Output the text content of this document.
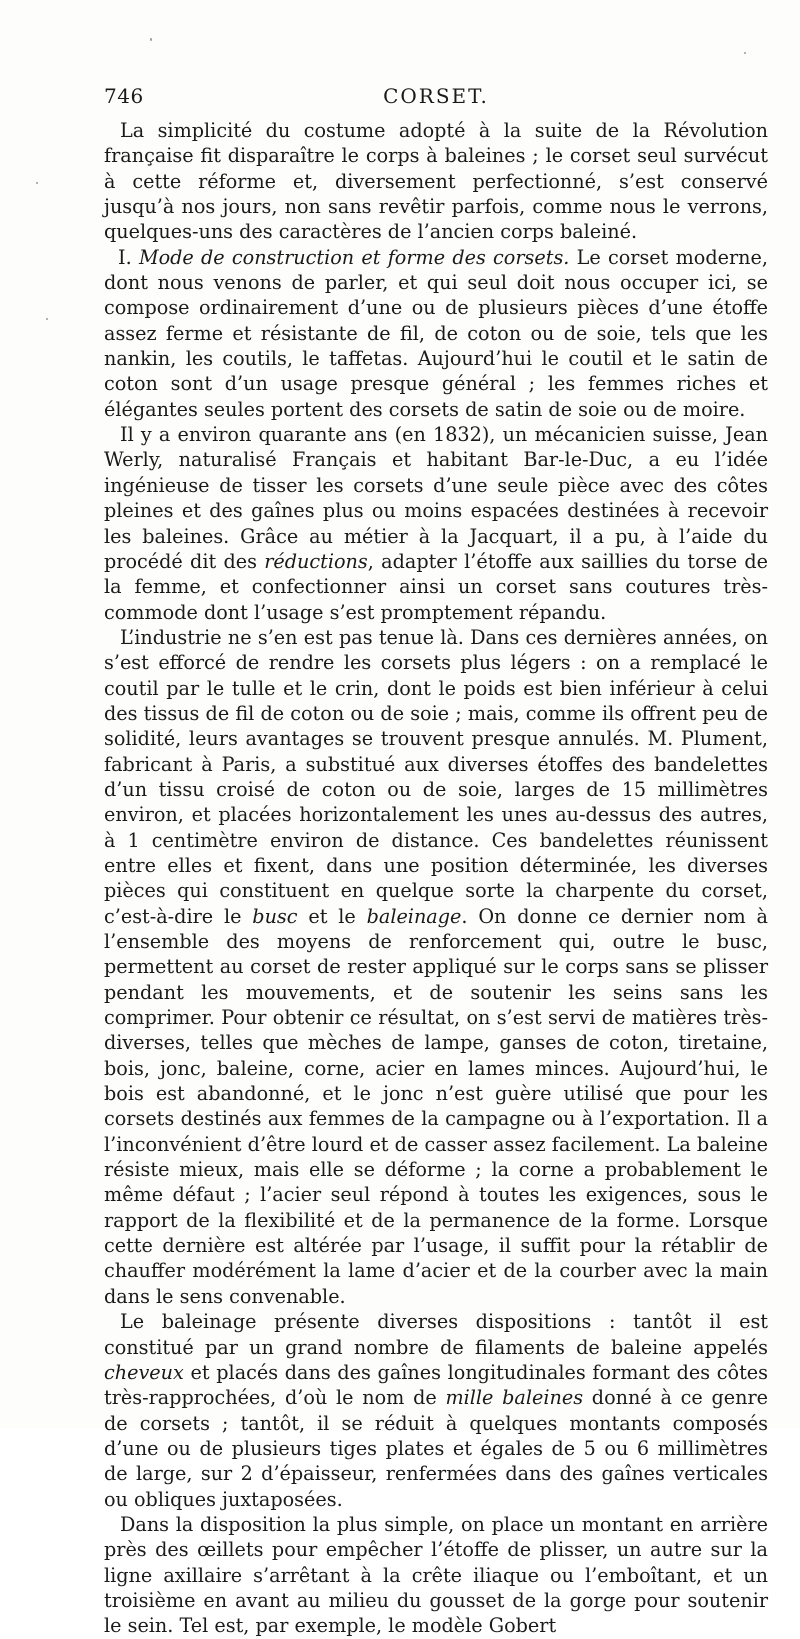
746	CORSET.

La simplicité du costume adopté à la suite de la Révolution française fit disparaître le corps à baleines ; le corset seul survécut à cette réforme et, diversement perfectionné, s’est conservé jusqu’à nos jours, non sans revêtir parfois, comme nous le verrons, quelques-uns des caractères de l’ancien corps baleiné.

I. Mode de construction et forme des corsets. Le corset moderne, dont nous venons de parler, et qui seul doit nous occuper ici, se compose ordinairement d’une ou de plusieurs pièces d’une étoffe assez ferme et résistante de fil, de coton ou de soie, tels que les nankin, les coutils, le taffetas. Aujourd’hui le coutil et le satin de coton sont d’un usage presque général ; les femmes riches et élégantes seules portent des corsets de satin de soie ou de moire.

Il y a environ quarante ans (en 1832), un mécanicien suisse, Jean Werly, naturalisé Français et habitant Bar-le-Duc, a eu l’idée ingénieuse de tisser les corsets d’une seule pièce avec des côtes pleines et des gaînes plus ou moins espacées destinées à recevoir les baleines. Grâce au métier à la Jacquart, il a pu, à l’aide du procédé dit des réductions, adapter l’étoffe aux saillies du torse de la femme, et confectionner ainsi un corset sans coutures très-commode dont l’usage s’est promptement répandu.

L’industrie ne s’en est pas tenue là. Dans ces dernières années, on s’est efforcé de rendre les corsets plus légers : on a remplacé le coutil par le tulle et le crin, dont le poids est bien inférieur à celui des tissus de fil de coton ou de soie ; mais, comme ils offrent peu de solidité, leurs avantages se trouvent presque annulés. M. Plument, fabricant à Paris, a substitué aux diverses étoffes des bandelettes d’un tissu croisé de coton ou de soie, larges de 15 millimètres environ, et placées horizontalement les unes au-dessus des autres, à 1 centimètre environ de distance. Ces bandelettes réunissent entre elles et fixent, dans une position déterminée, les diverses pièces qui constituent en quelque sorte la charpente du corset, c’est-à-dire le busc et le baleinage. On donne ce dernier nom à l’ensemble des moyens de renforcement qui, outre le busc, permettent au corset de rester appliqué sur le corps sans se plisser pendant les mouvements, et de soutenir les seins sans les comprimer. Pour obtenir ce résultat, on s’est servi de matières très-diverses, telles que mèches de lampe, ganses de coton, tiretaine, bois, jonc, baleine, corne, acier en lames minces. Aujourd’hui, le bois est abandonné, et le jonc n’est guère utilisé que pour les corsets destinés aux femmes de la campagne ou à l’exportation. Il a l’inconvénient d’être lourd et de casser assez facilement. La baleine résiste mieux, mais elle se déforme ; la corne a probablement le même défaut ; l’acier seul répond à toutes les exigences, sous le rapport de la flexibilité et de la permanence de la forme. Lorsque cette dernière est altérée par l’usage, il suffit pour la rétablir de chauffer modérément la lame d’acier et de la courber avec la main dans le sens convenable.

Le baleinage présente diverses dispositions : tantôt il est constitué par un grand nombre de filaments de baleine appelés cheveux et placés dans des gaînes longitudinales formant des côtes très-rapprochées, d’où le nom de mille baleines donné à ce genre de corsets ; tantôt, il se réduit à quelques montants composés d’une ou de plusieurs tiges plates et égales de 5 ou 6 millimètres de large, sur 2 d’épaisseur, renfermées dans des gaînes verticales ou obliques juxtaposées.

Dans la disposition la plus simple, on place un montant en arrière près des œillets pour empêcher l’étoffe de plisser, un autre sur la ligne axillaire s’arrêtant à la crête iliaque ou l’emboîtant, et un troisième en avant au milieu du gousset de la gorge pour soutenir le sein. Tel est, par exemple, le modèle Gobert
